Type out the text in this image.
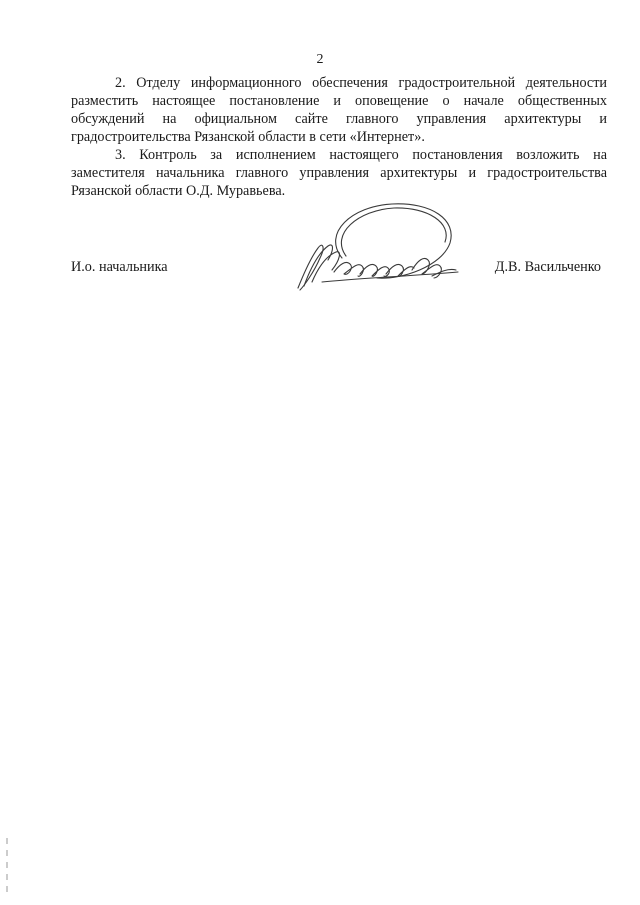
2

2. Отделу информационного обеспечения градостроительной деятельности разместить настоящее постановление и оповещение о начале общественных обсуждений на официальном сайте главного управления архитектуры и градостроительства Рязанской области в сети «Интернет».

3. Контроль за исполнением настоящего постановления возложить на заместителя начальника главного управления архитектуры и градостроительства Рязанской области О.Д. Муравьева.

И.о. начальника	Д.В. Васильченко
